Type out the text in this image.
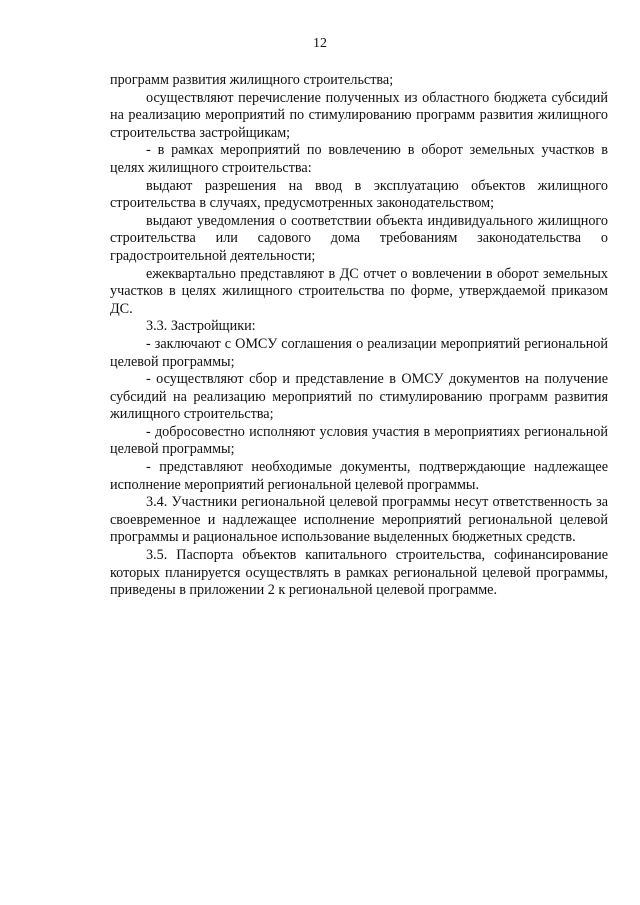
12

программ развития жилищного строительства;

осуществляют перечисление полученных из областного бюджета субсидий на реализацию мероприятий по стимулированию программ развития жилищного строительства застройщикам;

- в рамках мероприятий по вовлечению в оборот земельных участков в целях жилищного строительства:

выдают разрешения на ввод в эксплуатацию объектов жилищного строительства в случаях, предусмотренных законодательством;

выдают уведомления о соответствии объекта индивидуального жилищного строительства или садового дома требованиям законодательства о градостроительной деятельности;

ежеквартально представляют в ДС отчет о вовлечении в оборот земельных участков в целях жилищного строительства по форме, утверждаемой приказом ДС.

3.3. Застройщики:

- заключают с ОМСУ соглашения о реализации мероприятий региональной целевой программы;

- осуществляют сбор и представление в ОМСУ документов на получение субсидий на реализацию мероприятий по стимулированию программ развития жилищного строительства;

- добросовестно исполняют условия участия в мероприятиях региональной целевой программы;

- представляют необходимые документы, подтверждающие надлежащее исполнение мероприятий региональной целевой программы.

3.4. Участники региональной целевой программы несут ответственность за своевременное и надлежащее исполнение мероприятий региональной целевой программы и рациональное использование выделенных бюджетных средств.

3.5. Паспорта объектов капитального строительства, софинансирование которых планируется осуществлять в рамках региональной целевой программы, приведены в приложении 2 к региональной целевой программе.
